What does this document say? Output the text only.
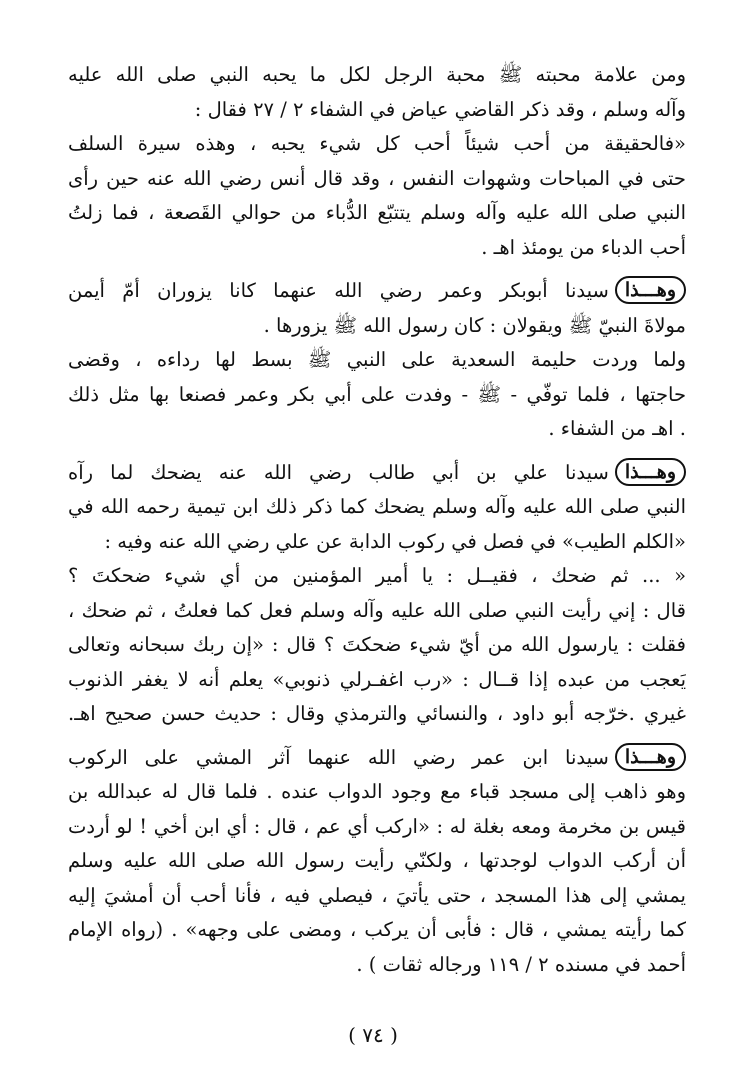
ومن علامة محبته ﷺ محبة الرجل لكل ما يحبه النبي صلى الله عليه
وآله وسلم ، وقد ذكر القاضي عياض في الشفاء ٢ / ٢٧ فقال :
«فالحقيقة من أحب شيئاً أحب كل شيء يحبه ، وهذه سيرة السلف
حتى في المباحات وشهوات النفس ، وقد قال أنس رضي الله عنه حين رأى
النبي صلى الله عليه وآله وسلم يتتبّع الدُّباء من حوالي القَصعة ، فما زلتُ
أحب الدباء من يومئذ اهـ .
وهـــذاسيدنا أبوبكر وعمر رضي الله عنهما كانا يزوران أمّ أيمن
مولاةَ النبيّ ﷺ ويقولان : كان رسول الله ﷺ يزورها .
ولما وردت حليمة السعدية على النبي ﷺ بسط لها رداءه ، وقضى
حاجتها ، فلما توفّي - ﷺ - وفدت على أبي بكر وعمر فصنعا بها مثل ذلك
. اهـ من الشفاء .
وهـــذاسيدنا علي بن أبي طالب رضي الله عنه يضحك لما رآه
النبي صلى الله عليه وآله وسلم يضحك كما ذكر ذلك ابن تيمية رحمه الله في
«الكلم الطيب» في فصل في ركوب الدابة عن علي رضي الله عنه وفيه :
« ... ثم ضحك ، فقيــل : يا أمير المؤمنين من أي شيء ضحكتَ ؟
قال : إني رأيت النبي صلى الله عليه وآله وسلم فعل كما فعلتُ ، ثم ضحك ،
فقلت : يارسول الله من أيّ شيء ضحكتَ ؟ قال : «إن ربك سبحانه وتعالى
يَعجب من عبده إذا قــال : «رب اغفـرلي ذنوبي» يعلم أنه لا يغفر الذنوب
غيري .خرّجه أبو داود ، والنسائي والترمذي وقال : حديث حسن صحيح اهـ.
وهـــذاسيدنا ابن عمر رضي الله عنهما آثر المشي على الركوب
وهو ذاهب إلى مسجد قباء مع وجود الدواب عنده . فلما قال له عبدالله بن
قيس بن مخرمة ومعه بغلة له : «اركب أي عم ، قال : أي ابن أخي ! لو أردت
أن أركب الدواب لوجدتها ، ولكنّي رأيت رسول الله صلى الله عليه وسلم
يمشي إلى هذا المسجد ، حتى يأتيَ ، فيصلي فيه ، فأنا أحب أن أمشيَ إليه
كما رأيته يمشي ، قال : فأبى أن يركب ، ومضى على وجهه» . (رواه الإمام
أحمد في مسنده ٢ / ١١٩ ورجاله ثقات ) .
( ٧٤ )
